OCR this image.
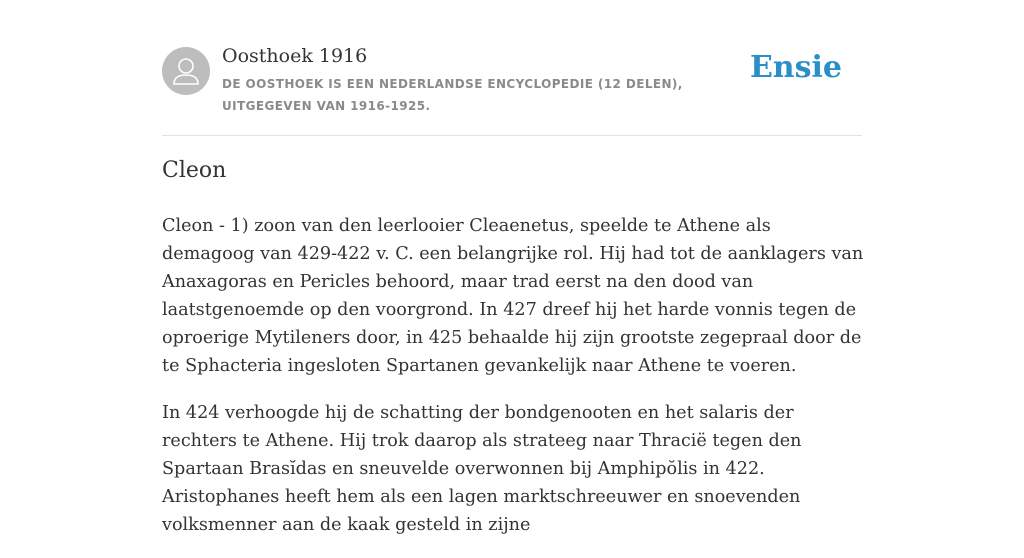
Oosthoek 1916
DE OOSTHOEK IS EEN NEDERLANDSE ENCYCLOPEDIE (12 DELEN), UITGEGEVEN VAN 1916-1925.
Ensie
Cleon

Cleon - 1) zoon van den leerlooier Cleaenetus, speelde te Athene als demagoog van 429-422 v. C. een belangrijke rol. Hij had tot de aanklagers van Anaxagoras en Pericles behoord, maar trad eerst na den dood van laatstgenoemde op den voorgrond. In 427 dreef hij het harde vonnis tegen de oproerige Mytileners door, in 425 behaalde hij zijn grootste zegepraal door de te Sphacteria ingesloten Spartanen gevankelijk naar Athene te voeren.

In 424 verhoogde hij de schatting der bondgenooten en het salaris der rechters te Athene. Hij trok daarop als strateeg naar Thracië tegen den Spartaan Brasĭdas en sneuvelde overwonnen bij Amphipŏlis in 422. Aristophanes heeft hem als een lagen marktschreeuwer en snoevenden volksmenner aan de kaak gesteld in zijne
